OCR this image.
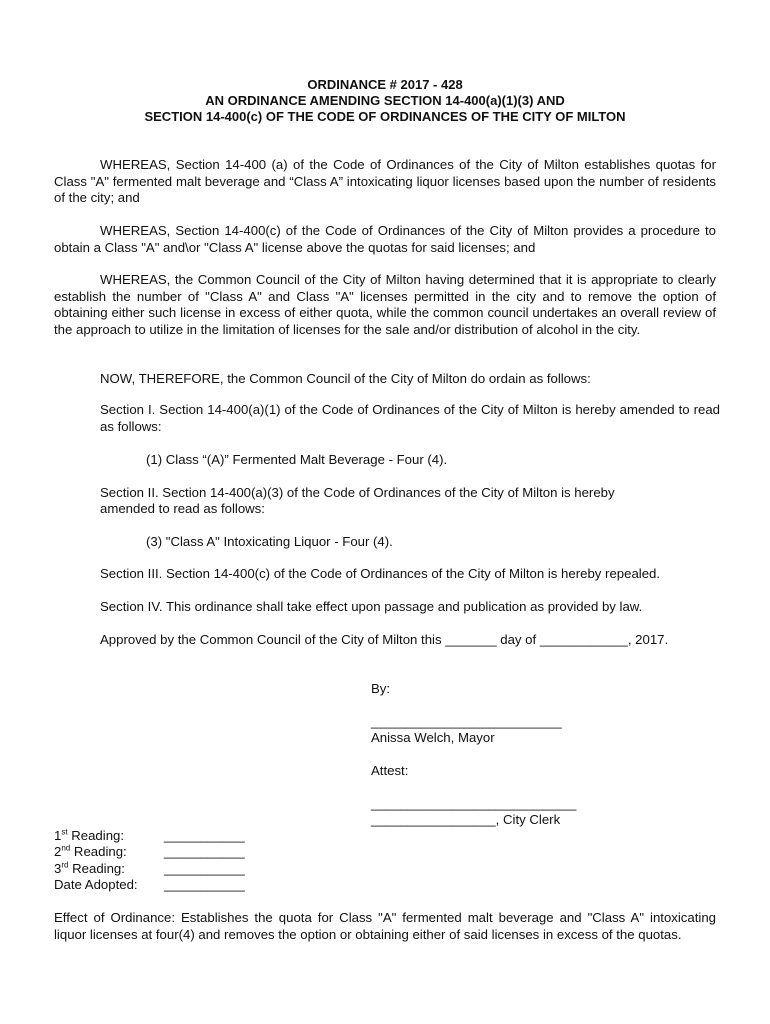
ORDINANCE # 2017 - 428
AN ORDINANCE AMENDING SECTION 14-400(a)(1)(3) AND
SECTION 14-400(c) OF THE CODE OF ORDINANCES OF THE CITY OF MILTON
WHEREAS, Section 14-400 (a) of the Code of Ordinances of the City of Milton establishes quotas for Class "A" fermented malt beverage and “Class A” intoxicating liquor licenses based upon the number of residents of the city; and
WHEREAS, Section 14-400(c) of the Code of Ordinances of the City of Milton provides a procedure to obtain a Class "A" and\or "Class A" license above the quotas for said licenses; and
WHEREAS, the Common Council of the City of Milton having determined that it is appropriate to clearly establish the number of "Class A" and Class "A" licenses permitted in the city and to remove the option of obtaining either such license in excess of either quota, while the common council undertakes an overall review of the approach to utilize in the limitation of licenses for the sale and/or distribution of alcohol in the city.
NOW, THEREFORE, the Common Council of the City of Milton do ordain as follows:
Section I. Section 14-400(a)(1) of the Code of Ordinances of the City of Milton is hereby amended to read as follows:
(1) Class “(A)” Fermented Malt Beverage - Four (4).
Section II. Section 14-400(a)(3) of the Code of Ordinances of the City of Milton is hereby
amended to read as follows:
(3) "Class A" Intoxicating Liquor - Four (4).
Section III. Section 14-400(c) of the Code of Ordinances of the City of Milton is hereby repealed.
Section IV. This ordinance shall take effect upon passage and publication as provided by law.
Approved by the Common Council of the City of Milton this _______ day of ____________, 2017.
By:
__________________________
Anissa Welch, Mayor
Attest:
____________________________
_________________, City Clerk
1st Reading:	___________
2nd Reading:	___________
3rd Reading:	___________
Date Adopted: ___________
Effect of Ordinance: Establishes the quota for Class "A" fermented malt beverage and "Class A" intoxicating liquor licenses at four(4) and removes the option or obtaining either of said licenses in excess of the quotas.
